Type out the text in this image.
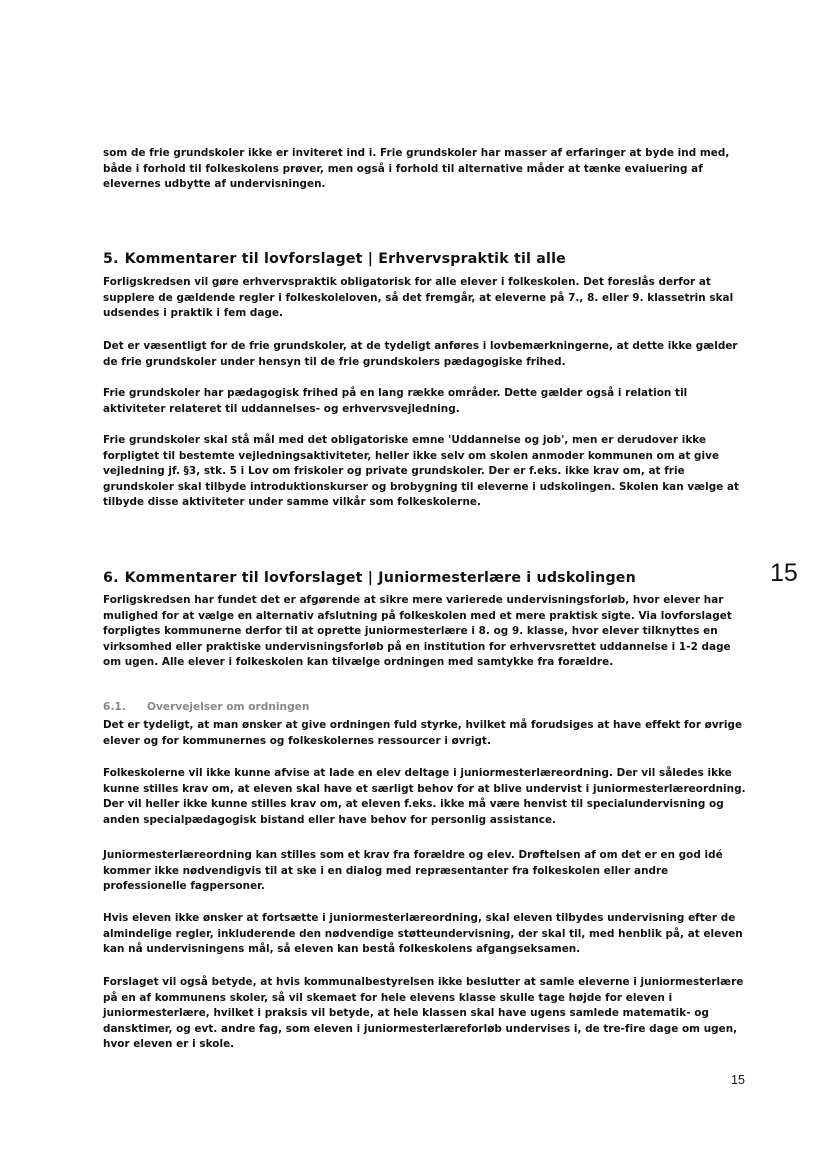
som de frie grundskoler ikke er inviteret ind i. Frie grundskoler har masser af erfaringer at byde ind med, både i forhold til folkeskolens prøver, men også i forhold til alternative måder at tænke evaluering af elevernes udbytte af undervisningen.

5. Kommentarer til lovforslaget | Erhvervspraktik til alle

Forligskredsen vil gøre erhvervspraktik obligatorisk for alle elever i folkeskolen. Det foreslås derfor at supplere de gældende regler i folkeskoleloven, så det fremgår, at eleverne på 7., 8. eller 9. klassetrin skal udsendes i praktik i fem dage.

Det er væsentligt for de frie grundskoler, at de tydeligt anføres i lovbemærkningerne, at dette ikke gælder de frie grundskoler under hensyn til de frie grundskolers pædagogiske frihed.

Frie grundskoler har pædagogisk frihed på en lang række områder. Dette gælder også i relation til aktiviteter relateret til uddannelses- og erhvervsvejledning.

Frie grundskoler skal stå mål med det obligatoriske emne 'Uddannelse og job', men er derudover ikke forpligtet til bestemte vejledningsaktiviteter, heller ikke selv om skolen anmoder kommunen om at give vejledning jf. §3, stk. 5 i Lov om friskoler og private grundskoler. Der er f.eks. ikke krav om, at frie grundskoler skal tilbyde introduktionskurser og brobygning til eleverne i udskolingen. Skolen kan vælge at tilbyde disse aktiviteter under samme vilkår som folkeskolerne.

6. Kommentarer til lovforslaget | Juniormesterlære i udskolingen

Forligskredsen har fundet det er afgørende at sikre mere varierede undervisningsforløb, hvor elever har mulighed for at vælge en alternativ afslutning på folkeskolen med et mere praktisk sigte. Via lovforslaget forpligtes kommunerne derfor til at oprette juniormesterlære i 8. og 9. klasse, hvor elever tilknyttes en virksomhed eller praktiske undervisningsforløb på en institution for erhvervsrettet uddannelse i 1-2 dage om ugen. Alle elever i folkeskolen kan tilvælge ordningen med samtykke fra forældre.

6.1. Overvejelser om ordningen

Det er tydeligt, at man ønsker at give ordningen fuld styrke, hvilket må forudsiges at have effekt for øvrige elever og for kommunernes og folkeskolernes ressourcer i øvrigt.

Folkeskolerne vil ikke kunne afvise at lade en elev deltage i juniormesterlæreordning. Der vil således ikke kunne stilles krav om, at eleven skal have et særligt behov for at blive undervist i juniormesterlæreordning. Der vil heller ikke kunne stilles krav om, at eleven f.eks. ikke må være henvist til specialundervisning og anden specialpædagogisk bistand eller have behov for personlig assistance.

Juniormesterlæreordning kan stilles som et krav fra forældre og elev. Drøftelsen af om det er en god idé kommer ikke nødvendigvis til at ske i en dialog med repræsentanter fra folkeskolen eller andre professionelle fagpersoner.

Hvis eleven ikke ønsker at fortsætte i juniormesterlæreordning, skal eleven tilbydes undervisning efter de almindelige regler, inkluderende den nødvendige støtteundervisning, der skal til, med henblik på, at eleven kan nå undervisningens mål, så eleven kan bestå folkeskolens afgangseksamen.

Forslaget vil også betyde, at hvis kommunalbestyrelsen ikke beslutter at samle eleverne i juniormesterlære på en af kommunens skoler, så vil skemaet for hele elevens klasse skulle tage højde for eleven i juniormesterlære, hvilket i praksis vil betyde, at hele klassen skal have ugens samlede matematik- og dansktimer, og evt. andre fag, som eleven i juniormesterlæreforløb undervises i, de tre-fire dage om ugen, hvor eleven er i skole.

15
15
